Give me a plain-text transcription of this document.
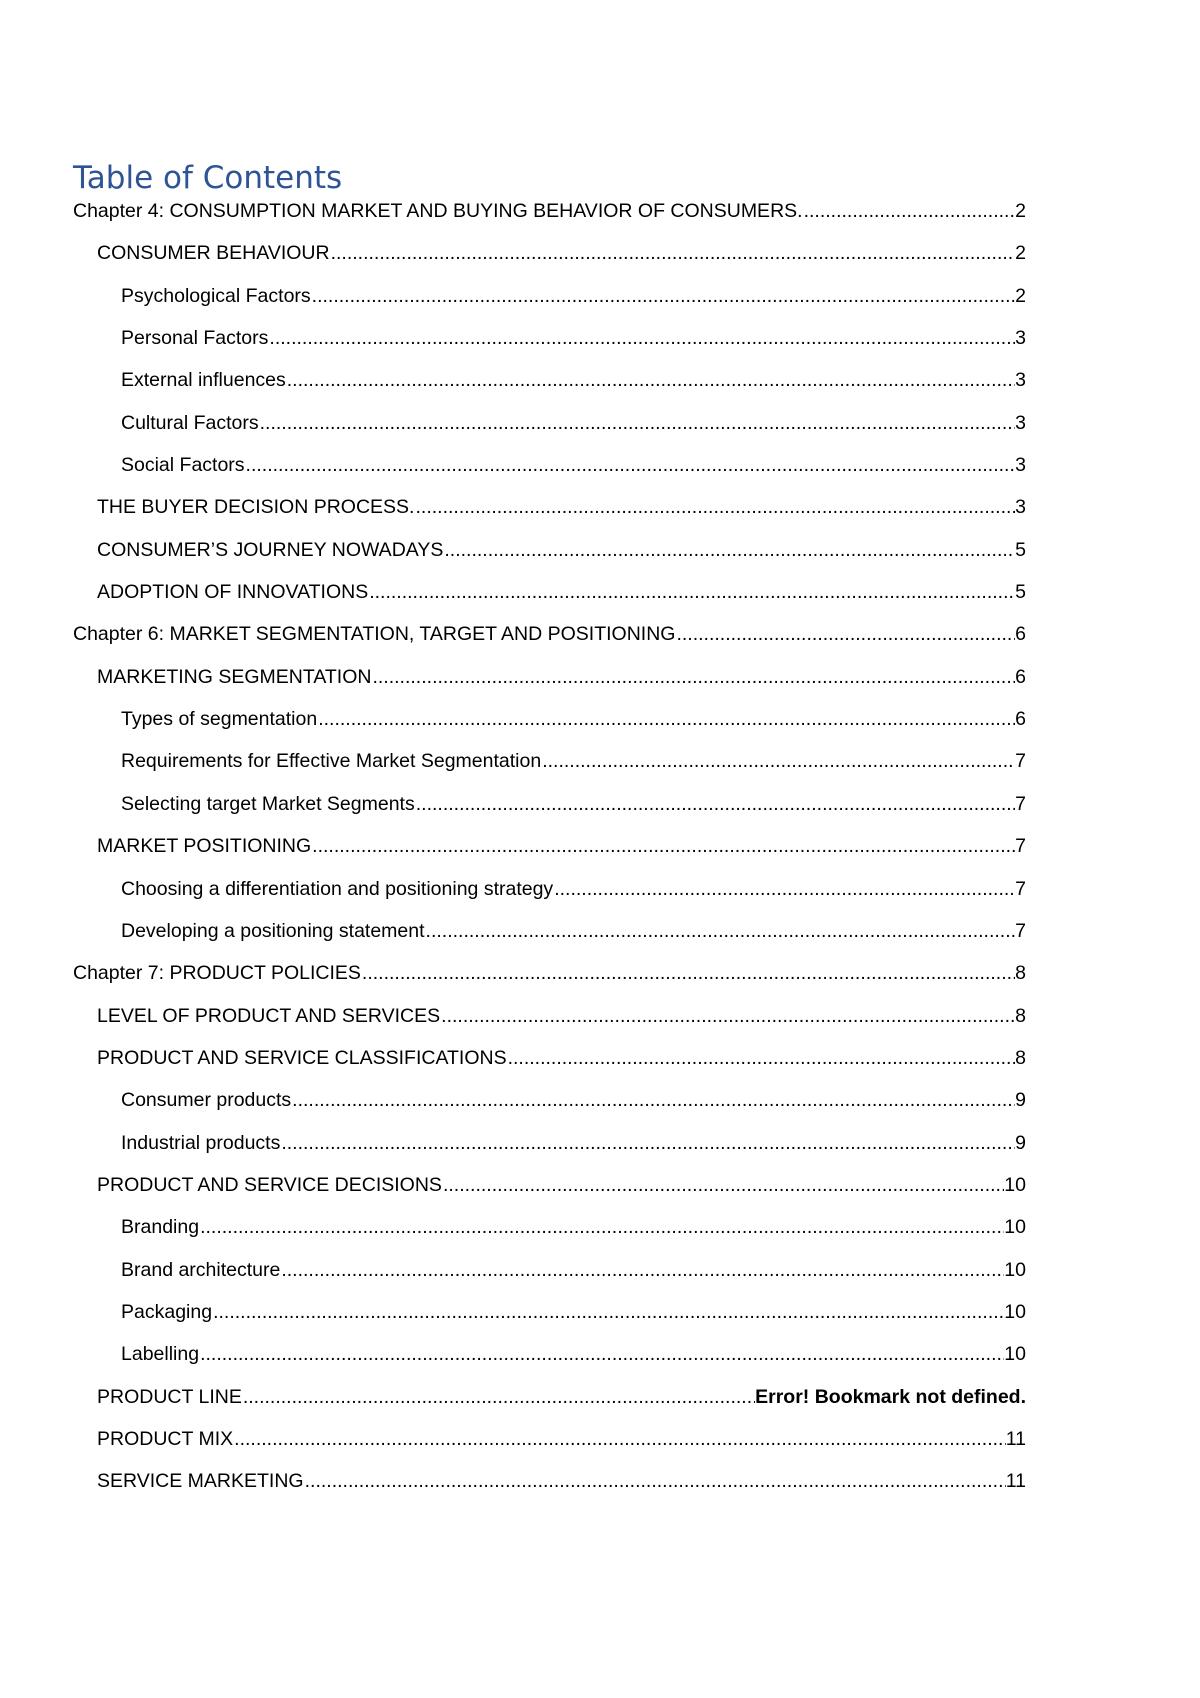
Table of Contents
Chapter 4: CONSUMPTION MARKET AND BUYING BEHAVIOR OF CONSUMERS. .....	2
CONSUMER BEHAVIOUR .....	2
Psychological Factors .....	2
Personal Factors .....	3
External influences .....	3
Cultural Factors .....	3
Social Factors .....	3
THE BUYER DECISION PROCESS. .....	3
CONSUMER’S JOURNEY NOWADAYS .....	5
ADOPTION OF INNOVATIONS .....	5
Chapter 6: MARKET SEGMENTATION, TARGET AND POSITIONING .....	6
MARKETING SEGMENTATION .....	6
Types of segmentation .....	6
Requirements for Effective Market Segmentation .....	7
Selecting target Market Segments .....	7
MARKET POSITIONING .....	7
Choosing a differentiation and positioning strategy .....	7
Developing a positioning statement .....	7
Chapter 7: PRODUCT POLICIES .....	8
LEVEL OF PRODUCT AND SERVICES .....	8
PRODUCT AND SERVICE CLASSIFICATIONS .....	8
Consumer products .....	9
Industrial products .....	9
PRODUCT AND SERVICE DECISIONS .....	10
Branding .....	10
Brand architecture .....	10
Packaging .....	10
Labelling .....	10
PRODUCT LINE .....	Error! Bookmark not defined.
PRODUCT MIX .....	11
SERVICE MARKETING .....	11
